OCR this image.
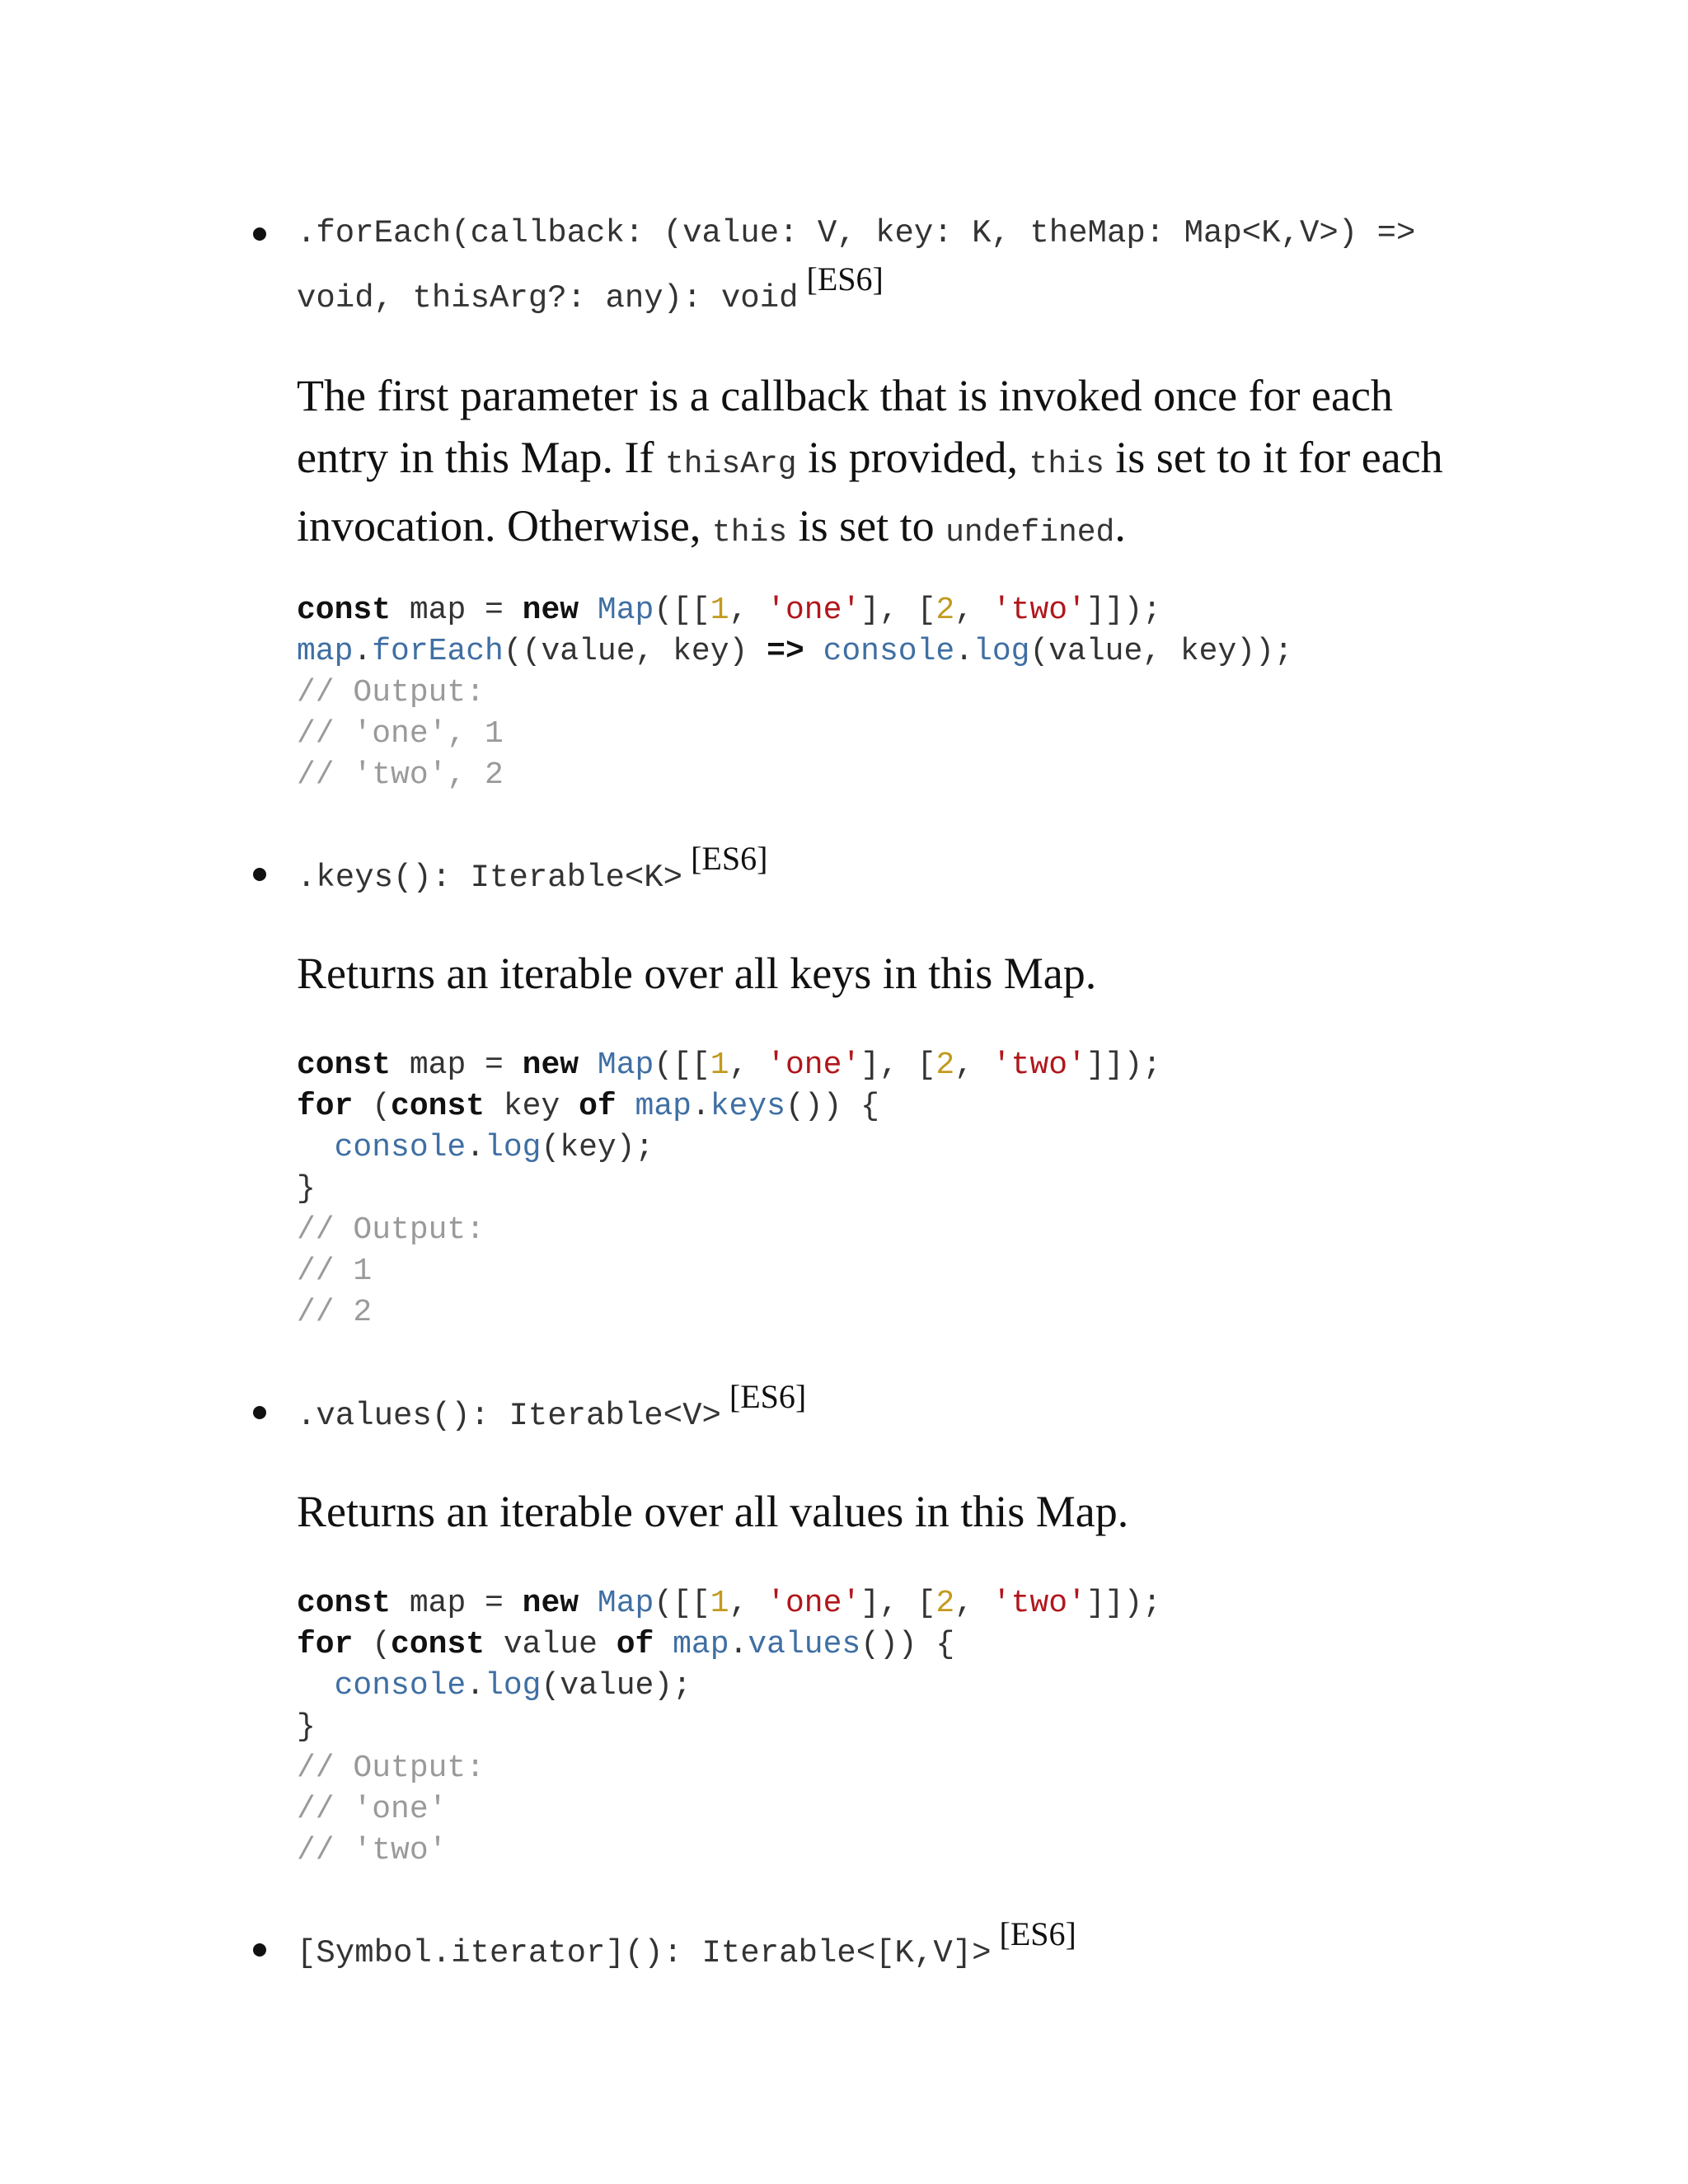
.forEach(callback: (value: V, key: K, theMap: Map<K,V>) =>
void, thisArg?: any): void[ES6]
The first parameter is a callback that is invoked once for each entry in this Map. If thisArg is provided, this is set to it for each invocation. Otherwise, this is set to undefined.
const map = new Map([[1, 'one'], [2, 'two']]);
map.forEach((value, key) => console.log(value, key));
// Output:
// 'one', 1
// 'two', 2
.keys(): Iterable<K>[ES6]
Returns an iterable over all keys in this Map.
const map = new Map([[1, 'one'], [2, 'two']]);
for (const key of map.keys()) {
console.log(key);
}
// Output:
// 1
// 2
.values(): Iterable<V>[ES6]
Returns an iterable over all values in this Map.
const map = new Map([[1, 'one'], [2, 'two']]);
for (const value of map.values()) {
console.log(value);
}
// Output:
// 'one'
// 'two'
[Symbol.iterator](): Iterable<[K,V]>[ES6]
